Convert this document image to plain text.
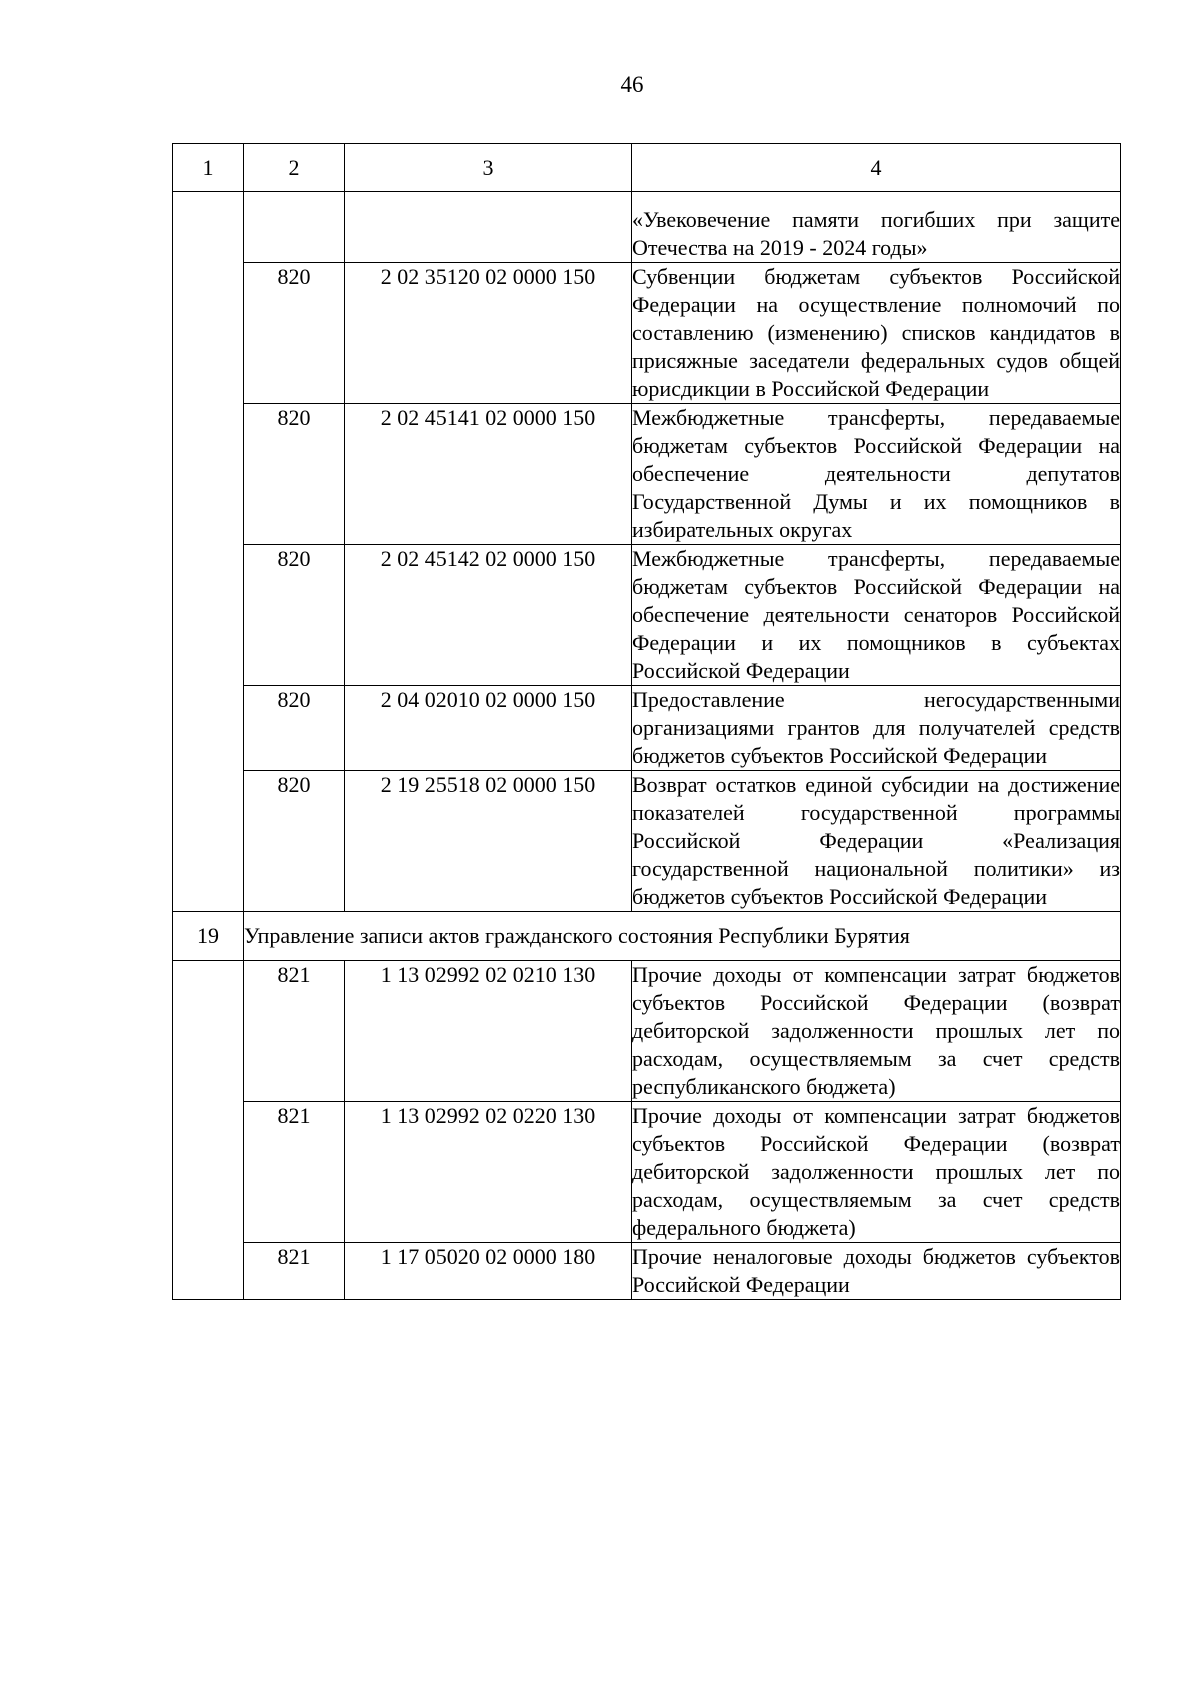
46
1	2	3	4
			«Увековечение памяти погибших при защите Отечества на 2019 - 2024 годы»
	820	2 02 35120 02 0000 150	Субвенции бюджетам субъектов Российской Федерации на осуществление полномочий по составлению (изменению) списков кандидатов в присяжные заседатели федеральных судов общей юрисдикции в Российской Федерации
	820	2 02 45141 02 0000 150	Межбюджетные трансферты, передаваемые бюджетам субъектов Российской Федерации на обеспечение деятельности депутатов Государственной Думы и их помощников в избирательных округах
	820	2 02 45142 02 0000 150	Межбюджетные трансферты, передаваемые бюджетам субъектов Российской Федерации на обеспечение деятельности сенаторов Российской Федерации и их помощников в субъектах Российской Федерации
	820	2 04 02010 02 0000 150	Предоставление негосударственными организациями грантов для получателей средств бюджетов субъектов Российской Федерации
	820	2 19 25518 02 0000 150	Возврат остатков единой субсидии на достижение показателей государственной программы Российской Федерации «Реализация государственной национальной политики» из бюджетов субъектов Российской Федерации
19	Управление записи актов гражданского состояния Республики Бурятия		
	821	1 13 02992 02 0210 130	Прочие доходы от компенсации затрат бюджетов субъектов Российской Федерации (возврат дебиторской задолженности прошлых лет по расходам, осуществляемым за счет средств республиканского бюджета)
	821	1 13 02992 02 0220 130	Прочие доходы от компенсации затрат бюджетов субъектов Российской Федерации (возврат дебиторской задолженности прошлых лет по расходам, осуществляемым за счет средств федерального бюджета)
	821	1 17 05020 02 0000 180	Прочие неналоговые доходы бюджетов субъектов Российской Федерации
